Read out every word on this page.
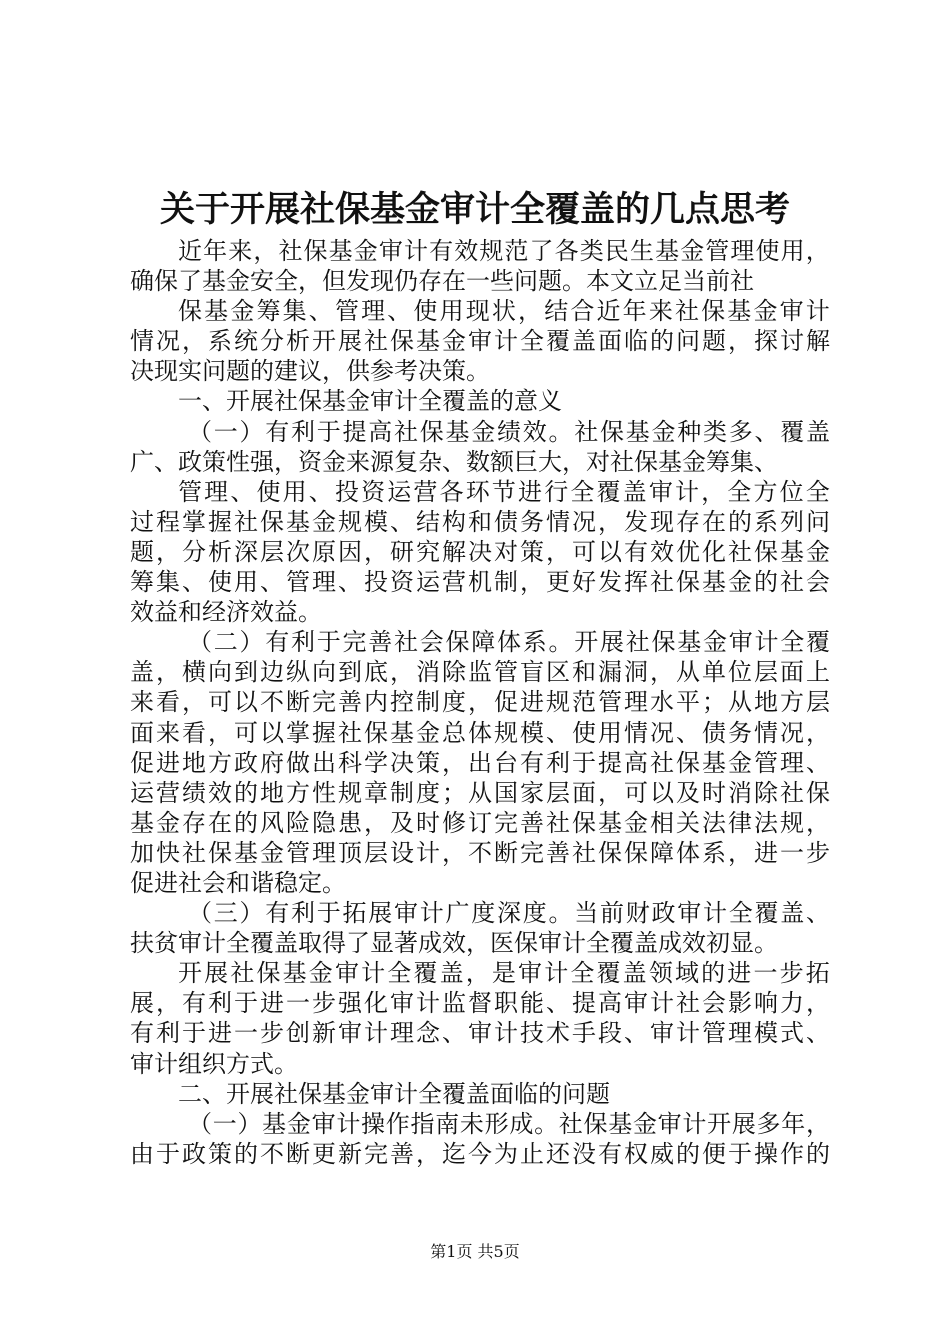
关于开展社保基金审计全覆盖的几点思考
近 年 来 ， 社 保 基 金 审 计 有 效 规 范 了 各 类 民 生 基 金 管 理 使 用 ，
确保了基金安全，但发现仍存在一些问题。本文立足当前社
保 基 金 筹 集 、 管 理 、 使 用 现 状 ， 结 合 近 年 来 社 保 基 金 审 计
情 况 ， 系 统 分 析 开 展 社 保 基 金 审 计 全 覆 盖 面 临 的 问 题 ， 探 讨 解
决现实问题的建议，供参考决策。
一、开展社保基金审计全覆盖的意义
（ 一 ） 有 利 于 提 高 社 保 基 金 绩 效 。 社 保 基 金 种 类 多 、 覆 盖
广、政策性强，资金来源复杂、数额巨大，对社保基金筹集、
管 理 、 使 用 、 投 资 运 营 各 环 节 进 行 全 覆 盖 审 计 ， 全 方 位 全
过 程 掌 握 社 保 基 金 规 模 、 结 构 和 债 务 情 况 ， 发 现 存 在 的 系 列 问
题 ， 分 析 深 层 次 原 因 ， 研 究 解 决 对 策 ， 可 以 有 效 优 化 社 保 基 金
筹 集 、 使 用 、 管 理 、 投 资 运 营 机 制 ， 更 好 发 挥 社 保 基 金 的 社 会
效益和经济效益。
（ 二 ） 有 利 于 完 善 社 会 保 障 体 系 。 开 展 社 保 基 金 审 计 全 覆
盖 ， 横 向 到 边 纵 向 到 底 ， 消 除 监 管 盲 区 和 漏 洞 ， 从 单 位 层 面 上
来 看 ， 可 以 不 断 完 善 内 控 制 度 ， 促 进 规 范 管 理 水 平 ； 从 地 方 层
面 来 看 ， 可 以 掌 握 社 保 基 金 总 体 规 模 、 使 用 情 况 、 债 务 情 况 ，
促 进 地 方 政 府 做 出 科 学 决 策 ， 出 台 有 利 于 提 高 社 保 基 金 管 理 、
运 营 绩 效 的 地 方 性 规 章 制 度 ； 从 国 家 层 面 ， 可 以 及 时 消 除 社 保
基 金 存 在 的 风 险 隐 患 ， 及 时 修 订 完 善 社 保 基 金 相 关 法 律 法 规 ，
加 快 社 保 基 金 管 理 顶 层 设 计 ， 不 断 完 善 社 保 保 障 体 系 ， 进 一 步
促进社会和谐稳定。
（ 三 ） 有 利 于 拓 展 审 计 广 度 深 度 。 当 前 财 政 审 计 全 覆 盖 、
扶贫审计全覆盖取得了显著成效，医保审计全覆盖成效初显。
开 展 社 保 基 金 审 计 全 覆 盖 ， 是 审 计 全 覆 盖 领 域 的 进 一 步 拓
展 ， 有 利 于 进 一 步 强 化 审 计 监 督 职 能 、 提 高 审 计 社 会 影 响 力 ，
有 利 于 进 一 步 创 新 审 计 理 念 、 审 计 技 术 手 段 、 审 计 管 理 模 式 、
审计组织方式。
二、开展社保基金审计全覆盖面临的问题
（ 一 ） 基 金 审 计 操 作 指 南 未 形 成 。 社 保 基 金 审 计 开 展 多 年 ，
由 于 政 策 的 不 断 更 新 完 善 ， 迄 今 为 止 还 没 有 权 威 的 便 于 操 作 的
第1页 共5页
